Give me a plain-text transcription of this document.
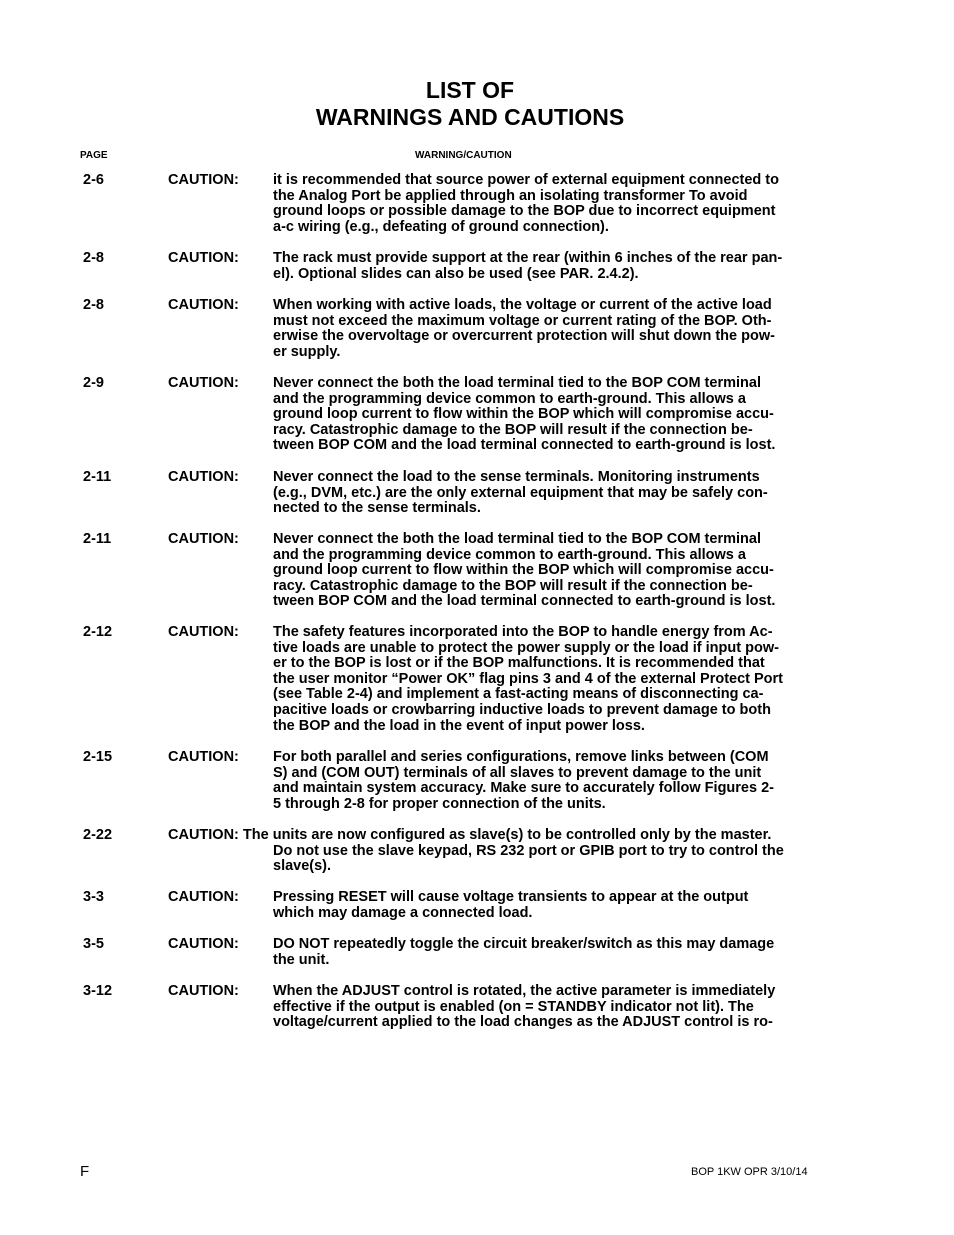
LIST OF
WARNINGS AND CAUTIONS
PAGE	WARNING/CAUTION
2-6	CAUTION: it is recommended that source power of external equipment connected to
the Analog Port be applied through an isolating transformer To avoid
ground loops or possible damage to the BOP due to incorrect equipment
a-c wiring (e.g., defeating of ground connection).
2-8	CAUTION: The rack must provide support at the rear (within 6 inches of the rear pan-
el). Optional slides can also be used (see PAR. 2.4.2).
2-8	CAUTION: When working with active loads, the voltage or current of the active load
must not exceed the maximum voltage or current rating of the BOP. Oth-
erwise the overvoltage or overcurrent protection will shut down the pow-
er supply.
2-9	CAUTION: Never connect the both the load terminal tied to the BOP COM terminal
and the programming device common to earth-ground. This allows a
ground loop current to flow within the BOP which will compromise accu-
racy. Catastrophic damage to the BOP will result if the connection be-
tween BOP COM and the load terminal connected to earth-ground is lost.
2-11	CAUTION: Never connect the load to the sense terminals. Monitoring instruments
(e.g., DVM, etc.) are the only external equipment that may be safely con-
nected to the sense terminals.
2-11	CAUTION: Never connect the both the load terminal tied to the BOP COM terminal
and the programming device common to earth-ground. This allows a
ground loop current to flow within the BOP which will compromise accu-
racy. Catastrophic damage to the BOP will result if the connection be-
tween BOP COM and the load terminal connected to earth-ground is lost.
2-12	CAUTION: The safety features incorporated into the BOP to handle energy from Ac-
tive loads are unable to protect the power supply or the load if input pow-
er to the BOP is lost or if the BOP malfunctions. It is recommended that
the user monitor “Power OK” flag pins 3 and 4 of the external Protect Port
(see Table 2-4) and implement a fast-acting means of disconnecting ca-
pacitive loads or crowbarring inductive loads to prevent damage to both
the BOP and the load in the event of input power loss.
2-15	CAUTION: For both parallel and series configurations, remove links between (COM
S) and (COM OUT) terminals of all slaves to prevent damage to the unit
and maintain system accuracy. Make sure to accurately follow Figures 2-
5 through 2-8 for proper connection of the units.
2-22	CAUTION: The units are now configured as slave(s) to be controlled only by the master.

Do not use the slave keypad, RS 232 port or GPIB port to try to control the
slave(s).
3-3	CAUTION: Pressing RESET will cause voltage transients to appear at the output
which may damage a connected load.
3-5	CAUTION: DO NOT repeatedly toggle the circuit breaker/switch as this may damage
the unit.
3-12	CAUTION: When the ADJUST control is rotated, the active parameter is immediately
effective if the output is enabled (on = STANDBY indicator not lit). The
voltage/current applied to the load changes as the ADJUST control is ro-
F	BOP 1KW OPR 3/10/14
